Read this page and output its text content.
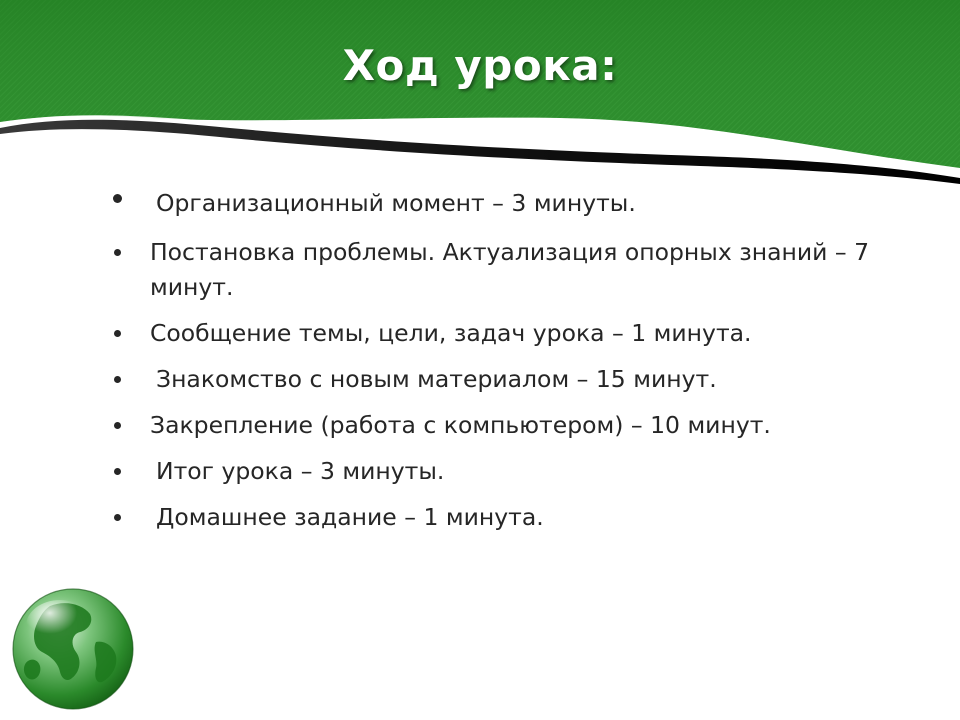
Ход урока:
Организационный момент – 3 минуты.
Постановка проблемы. Актуализация опорных знаний – 7 минут.
Сообщение темы, цели, задач урока – 1 минута.
Знакомство с новым материалом – 15 минут.
Закрепление (работа с компьютером) – 10 минут.
Итог урока – 3 минуты.
Домашнее задание – 1 минута.
